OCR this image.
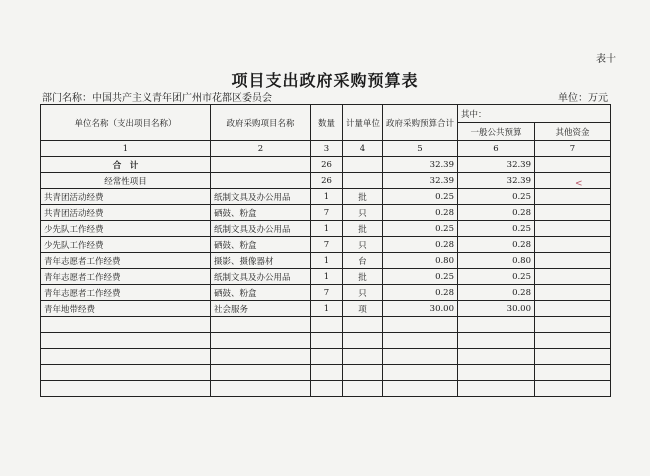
表十
项目支出政府采购预算表
部门名称：中国共产主义青年团广州市花都区委员会	单位：万元
单位名称（支出项目名称）	政府采购项目名称	数量	计量单位	政府采购预算合计	其中：	
					一般公共预算	其他资金
1	2	3	4	5	6	7
合　计		26		32.39	32.39	
经常性项目		26		32.39	32.39	
共青团活动经费	纸制文具及办公用品	1	批	0.25	0.25	
共青团活动经费	硒鼓、粉盒	7	只	0.28	0.28	
少先队工作经费	纸制文具及办公用品	1	批	0.25	0.25	
少先队工作经费	硒鼓、粉盒	7	只	0.28	0.28	
青年志愿者工作经费	摄影、摄像器材	1	台	0.80	0.80	
青年志愿者工作经费	纸制文具及办公用品	1	批	0.25	0.25	
青年志愿者工作经费	硒鼓、粉盒	7	只	0.28	0.28	
青年地带经费	社会服务	1	项	30.00	30.00	

<
